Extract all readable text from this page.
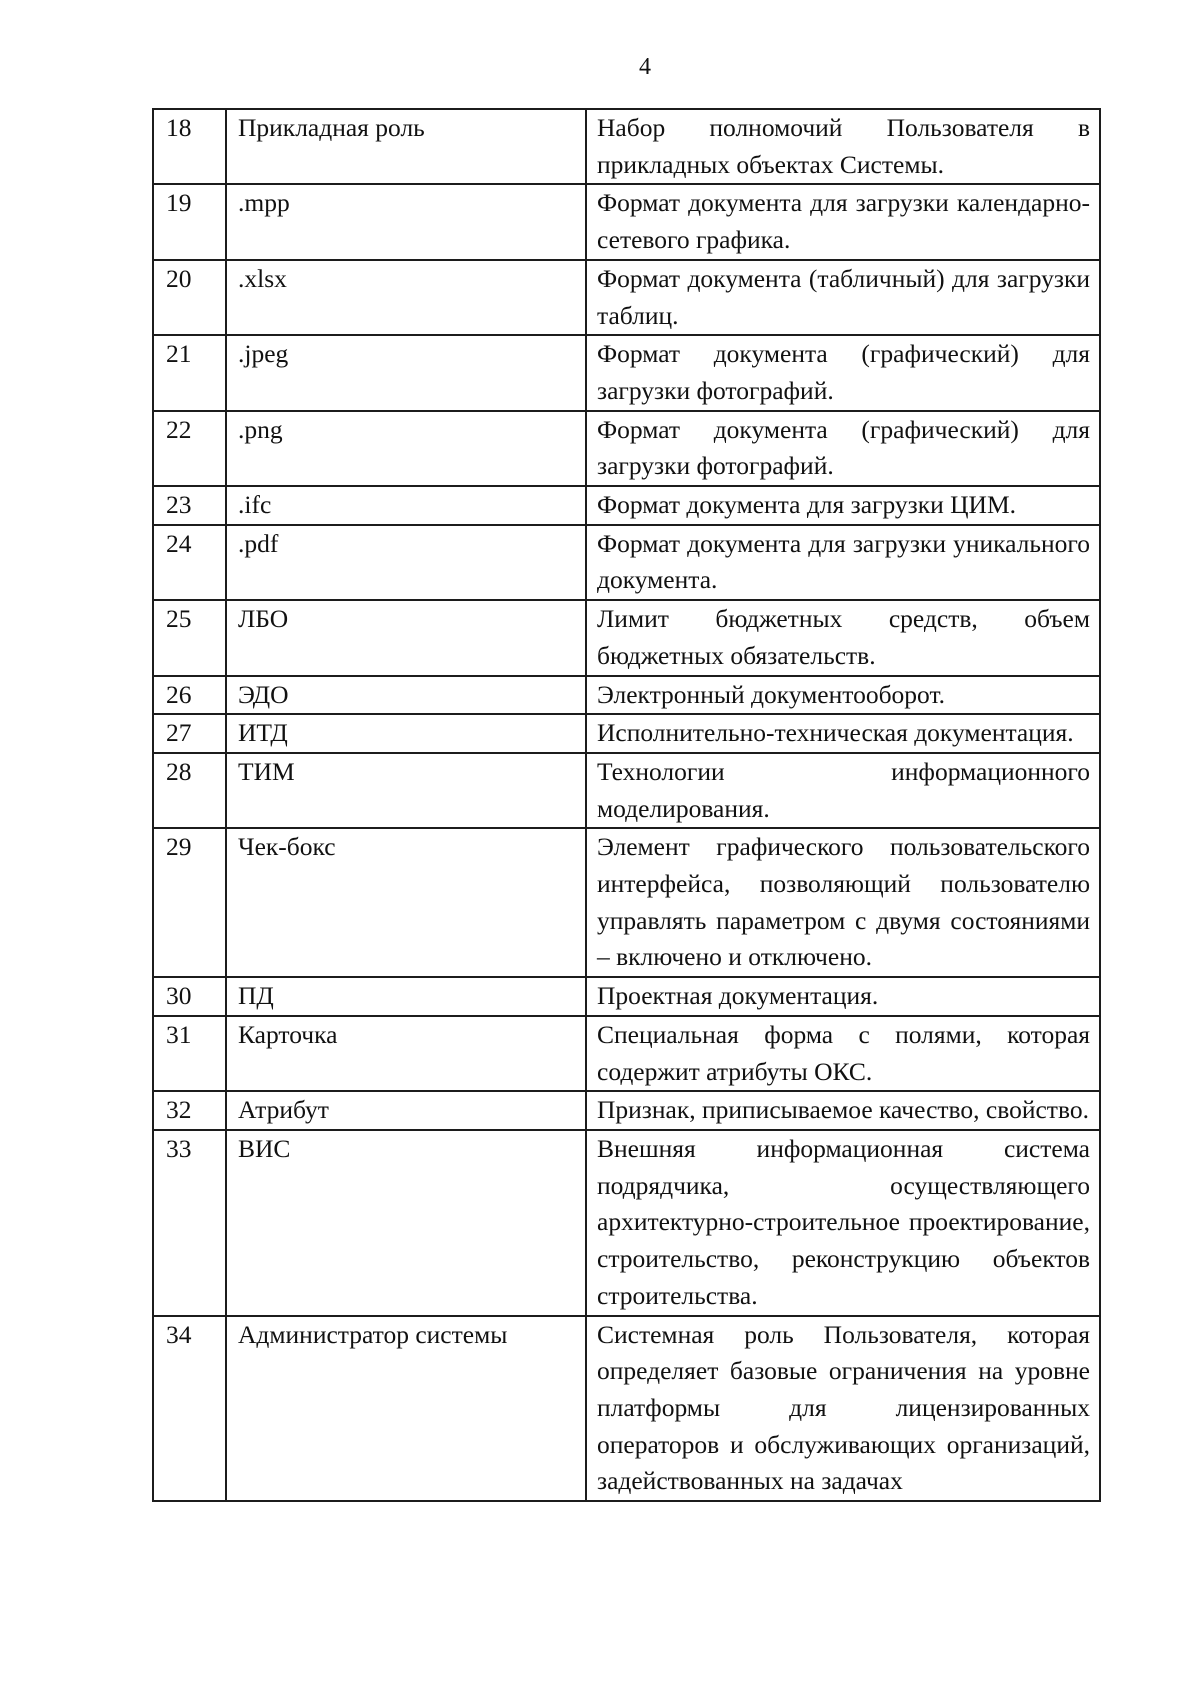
4
18	Прикладная роль	Набор полномочий Пользователя в прикладных объектах Системы.
19	.mpp	Формат документа для загрузки календарно-сетевого графика.
20	.xlsx	Формат документа (табличный) для загрузки таблиц.
21	.jpeg	Формат документа (графический) для загрузки фотографий.
22	.png	Формат документа (графический) для загрузки фотографий.
23	.ifc	Формат документа для загрузки ЦИМ.
24	.pdf	Формат документа для загрузки уникального документа.
25	ЛБО	Лимит бюджетных средств, объем бюджетных обязательств.
26	ЭДО	Электронный документооборот.
27	ИТД	Исполнительно-техническая документация.
28	ТИМ	Технологии информационного моделирования.
29	Чек-бокс	Элемент графического пользовательского интерфейса, позволяющий пользователю управлять параметром с двумя состояниями – включено и отключено.
30	ПД	Проектная документация.
31	Карточка	Специальная форма с полями, которая содержит атрибуты ОКС.
32	Атрибут	Признак, приписываемое качество, свойство.
33	ВИС	Внешняя информационная система подрядчика, осуществляющего архитектурно-строительное проектирование, строительство, реконструкцию объектов строительства.
34	Администратор системы	Системная роль Пользователя, которая определяет базовые ограничения на уровне платформы для лицензированных операторов и обслуживающих организаций, задействованных на задачах
